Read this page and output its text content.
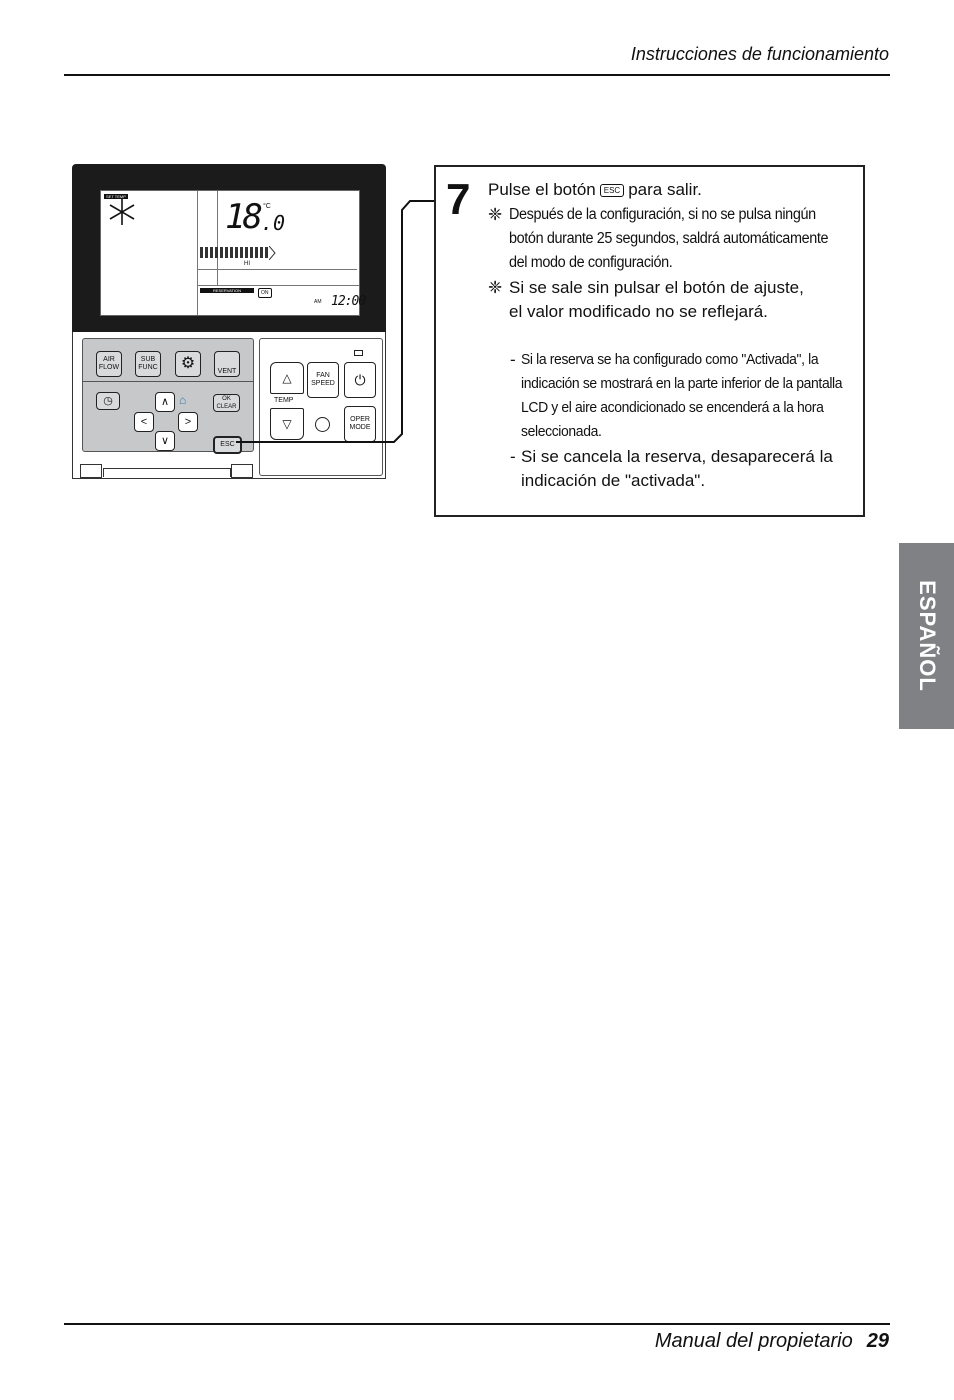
Instrucciones de funcionamiento
SET TEMP
18 .0
°C
HI
RESERVATION	ON
AM 12:00
AIR FLOW
SUB FUNC	⚙	VENT
◷	∧
<	>
∨
⌂	OK CLEAR
ESC
△
TEMP
▽
FAN SPEED	⏻
OPER MODE
7 Pulse el botón ESC para salir.
❈ Después de la configuración, si no se pulsa ningún botón durante 25 segundos, saldrá automáticamente del modo de configuración.
❈ Si se sale sin pulsar el botón de ajuste, el valor modificado no se reflejará.
- Si la reserva se ha configurado como "Activada", la indicación se mostrará en la parte inferior de la pantalla LCD y el aire acondicionado se encenderá a la hora seleccionada.
- Si se cancela la reserva, desaparecerá la indicación de "activada".
ESPAÑOL
Manual del propietario 29
